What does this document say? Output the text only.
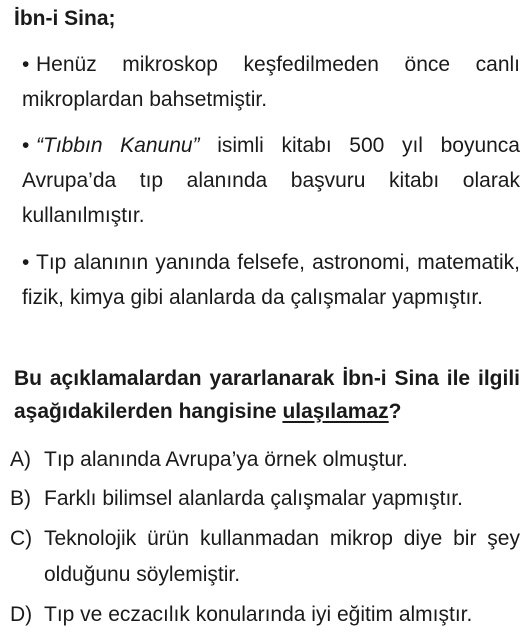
İbn-i Sina;
• Henüz mikroskop keşfedilmeden önce canlı mikroplardan bahsetmiştir.
• “Tıbbın Kanunu” isimli kitabı 500 yıl boyunca Avrupa’da tıp alanında başvuru kitabı olarak kullanılmıştır.
• Tıp alanının yanında felsefe, astronomi, matematik, fizik, kimya gibi alanlarda da çalışmalar yapmıştır.
Bu açıklamalardan yararlanarak İbn-i Sina ile ilgili aşağıdakilerden hangisine ulaşılamaz?
A) Tıp alanında Avrupa’ya örnek olmuştur.
B) Farklı bilimsel alanlarda çalışmalar yapmıştır.
C) Teknolojik ürün kullanmadan mikrop diye bir şey olduğunu söylemiştir.
D) Tıp ve eczacılık konularında iyi eğitim almıştır.
